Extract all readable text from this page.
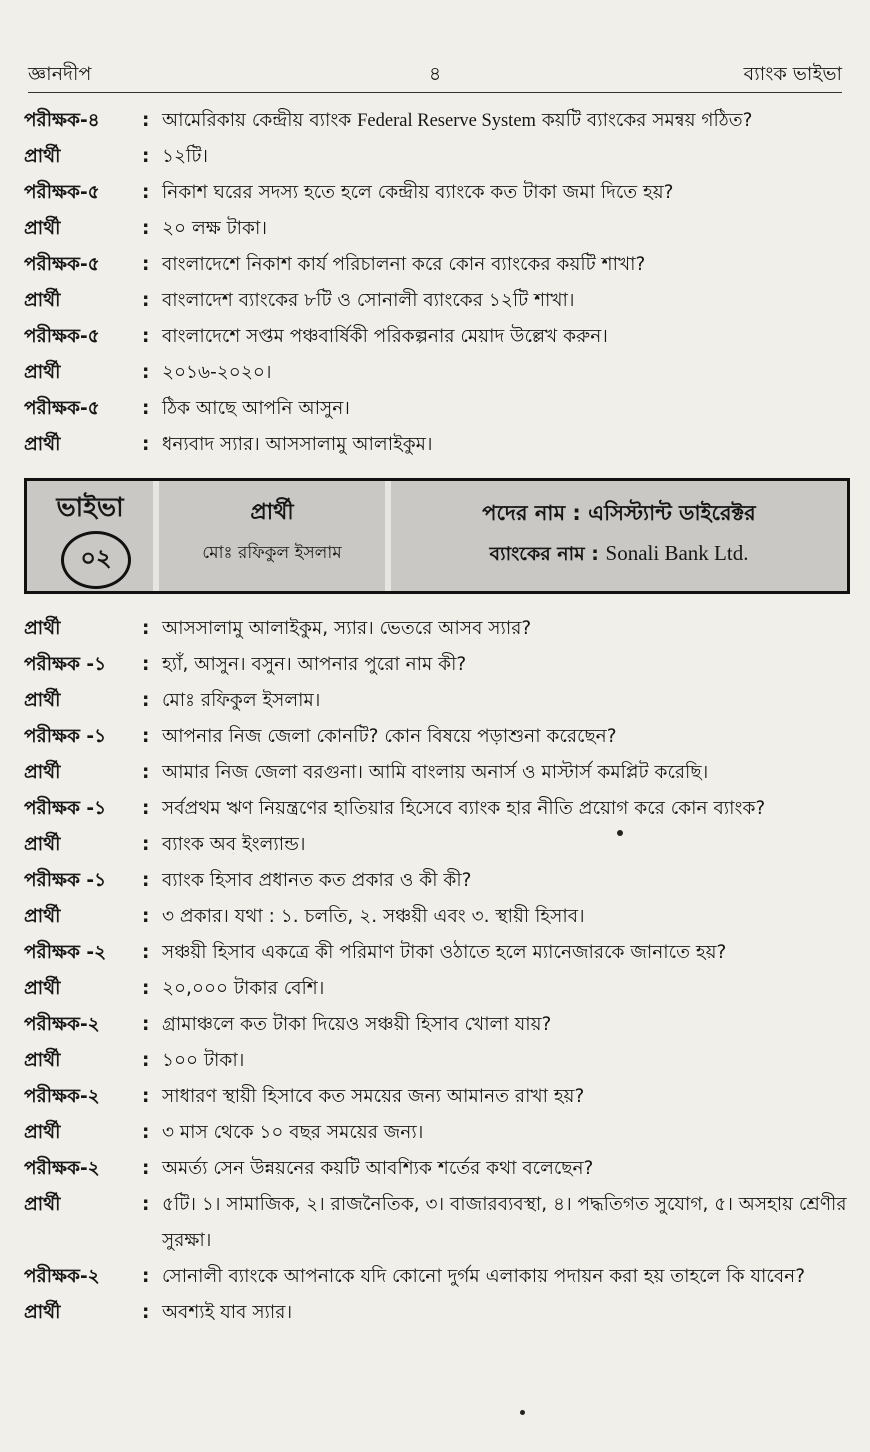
জ্ঞানদীপ	৪	ব্যাংক ভাইভা
পরীক্ষক-৪	: আমেরিকায় কেন্দ্রীয় ব্যাংক Federal Reserve System কয়টি ব্যাংকের সমন্বয় গঠিত?
প্রার্থী	: ১২টি।
পরীক্ষক-৫	: নিকাশ ঘরের সদস্য হতে হলে কেন্দ্রীয় ব্যাংকে কত টাকা জমা দিতে হয়?
প্রার্থী	: ২০ লক্ষ টাকা।
পরীক্ষক-৫	: বাংলাদেশে নিকাশ কার্য পরিচালনা করে কোন ব্যাংকের কয়টি শাখা?
প্রার্থী	: বাংলাদেশ ব্যাংকের ৮টি ও সোনালী ব্যাংকের ১২টি শাখা।
পরীক্ষক-৫	: বাংলাদেশে সপ্তম পঞ্চবার্ষিকী পরিকল্পনার মেয়াদ উল্লেখ করুন।
প্রার্থী	: ২০১৬-২০২০।
পরীক্ষক-৫	: ঠিক আছে আপনি আসুন।
প্রার্থী	: ধন্যবাদ স্যার। আসসালামু আলাইকুম।
ভাইভা
০২
প্রার্থী
মোঃ রফিকুল ইসলাম
পদের নাম : এসিস্ট্যান্ট ডাইরেক্টর
ব্যাংকের নাম : Sonali Bank Ltd.
প্রার্থী	: আসসালামু আলাইকুম, স্যার। ভেতরে আসব স্যার?
পরীক্ষক -১	: হ্যাঁ, আসুন। বসুন। আপনার পুরো নাম কী?
প্রার্থী	: মোঃ রফিকুল ইসলাম।
পরীক্ষক -১	: আপনার নিজ জেলা কোনটি? কোন বিষয়ে পড়াশুনা করেছেন?
প্রার্থী	: আমার নিজ জেলা বরগুনা। আমি বাংলায় অনার্স ও মাস্টার্স কমপ্লিট করেছি।
পরীক্ষক -১	: সর্বপ্রথম ঋণ নিয়ন্ত্রণের হাতিয়ার হিসেবে ব্যাংক হার নীতি প্রয়োগ করে কোন ব্যাংক?
প্রার্থী	: ব্যাংক অব ইংল্যান্ড।
পরীক্ষক -১	: ব্যাংক হিসাব প্রধানত কত প্রকার ও কী কী?
প্রার্থী	: ৩ প্রকার। যথা : ১. চলতি, ২. সঞ্চয়ী এবং ৩. স্থায়ী হিসাব।
পরীক্ষক -২	: সঞ্চয়ী হিসাব একত্রে কী পরিমাণ টাকা ওঠাতে হলে ম্যানেজারকে জানাতে হয়?
প্রার্থী	: ২০,০০০ টাকার বেশি।
পরীক্ষক-২	: গ্রামাঞ্চলে কত টাকা দিয়েও সঞ্চয়ী হিসাব খোলা যায়?
প্রার্থী	: ১০০ টাকা।
পরীক্ষক-২	: সাধারণ স্থায়ী হিসাবে কত সময়ের জন্য আমানত রাখা হয়?
প্রার্থী	: ৩ মাস থেকে ১০ বছর সময়ের জন্য।
পরীক্ষক-২	: অমর্ত্য সেন উন্নয়নের কয়টি আবশ্যিক শর্তের কথা বলেছেন?
প্রার্থী	: ৫টি। ১। সামাজিক, ২। রাজনৈতিক, ৩। বাজারব্যবস্থা, ৪। পদ্ধতিগত সুযোগ, ৫। অসহায় শ্রেণীর সুরক্ষা।
পরীক্ষক-২	: সোনালী ব্যাংকে আপনাকে যদি কোনো দুর্গম এলাকায় পদায়ন করা হয় তাহলে কি যাবেন?
প্রার্থী	: অবশ্যই যাব স্যার।
